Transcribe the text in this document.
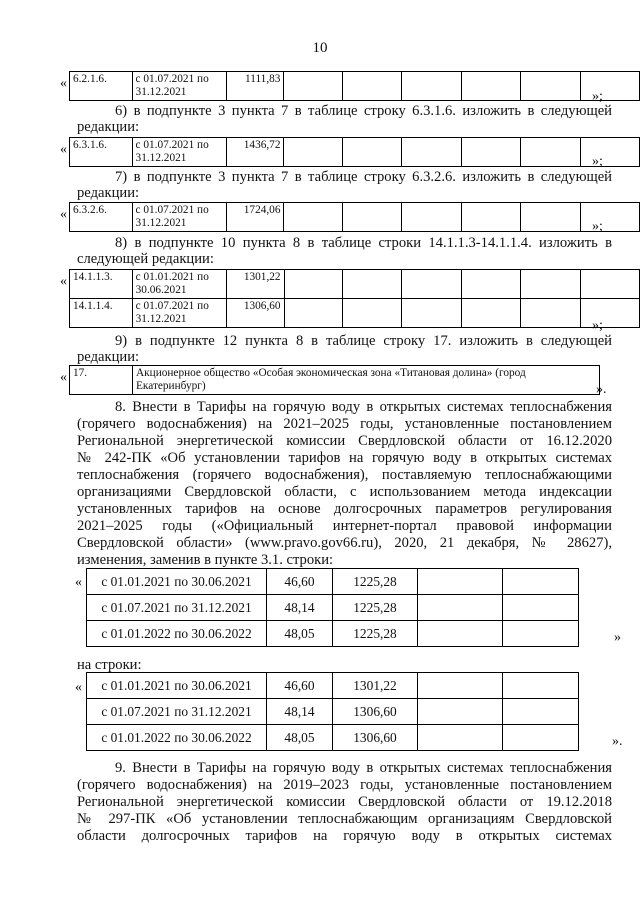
10
« 6.2.1.6.	с 01.07.2021 по
31.12.2021	1111,83						
»;
6) в подпункте 3 пункта 7 в таблице строку 6.3.1.6. изложить в следующей
редакции:
« 6.3.1.6.	с 01.07.2021 по
31.12.2021	1436,72						
»;
7) в подпункте 3 пункта 7 в таблице строку 6.3.2.6. изложить в следующей
редакции:
« 6.3.2.6.	с 01.07.2021 по
31.12.2021	1724,06						
»;
8) в подпункте 10 пункта 8 в таблице строки 14.1.1.3-14.1.1.4. изложить в
следующей редакции:
« 14.1.1.3.	с 01.01.2021 по
30.06.2021	1301,22						
14.1.1.4.	с 01.07.2021 по
31.12.2021	1306,60						
»;
9) в подпункте 12 пункта 8 в таблице строку 17. изложить в следующей
редакции:
« 17.	Акционерное общество «Особая экономическая зона «Титановая долина» (город
Екатеринбург)	».
8. Внести в Тарифы на горячую воду в открытых системах теплоснабжения
(горячего водоснабжения) на 2021–2025 годы, установленные постановлением
Региональной энергетической комиссии Свердловской области от 16.12.2020
№ 242-ПК «Об установлении тарифов на горячую воду в открытых системах
теплоснабжения (горячего водоснабжения), поставляемую теплоснабжающими
организациями Свердловской области, с использованием метода индексации
установленных тарифов на основе долгосрочных параметров регулирования
2021–2025 годы («Официальный интернет-портал правовой информации
Свердловской области» (www.pravo.gov66.ru), 2020, 21 декабря, № 28627),
изменения, заменив в пункте 3.1. строки:
« с 01.01.2021 по 30.06.2021	46,60	1225,28		
с 01.07.2021 по 31.12.2021	48,14	1225,28		
с 01.01.2022 по 30.06.2022	48,05	1225,28			»
на строки:
« с 01.01.2021 по 30.06.2021	46,60	1301,22		
с 01.07.2021 по 31.12.2021	48,14	1306,60		
с 01.01.2022 по 30.06.2022	48,05	1306,60			».
9. Внести в Тарифы на горячую воду в открытых системах теплоснабжения
(горячего водоснабжения) на 2019–2023 годы, установленные постановлением
Региональной энергетической комиссии Свердловской области от 19.12.2018
№ 297-ПК «Об установлении теплоснабжающим организациям Свердловской
области долгосрочных тарифов на горячую воду в открытых системах
